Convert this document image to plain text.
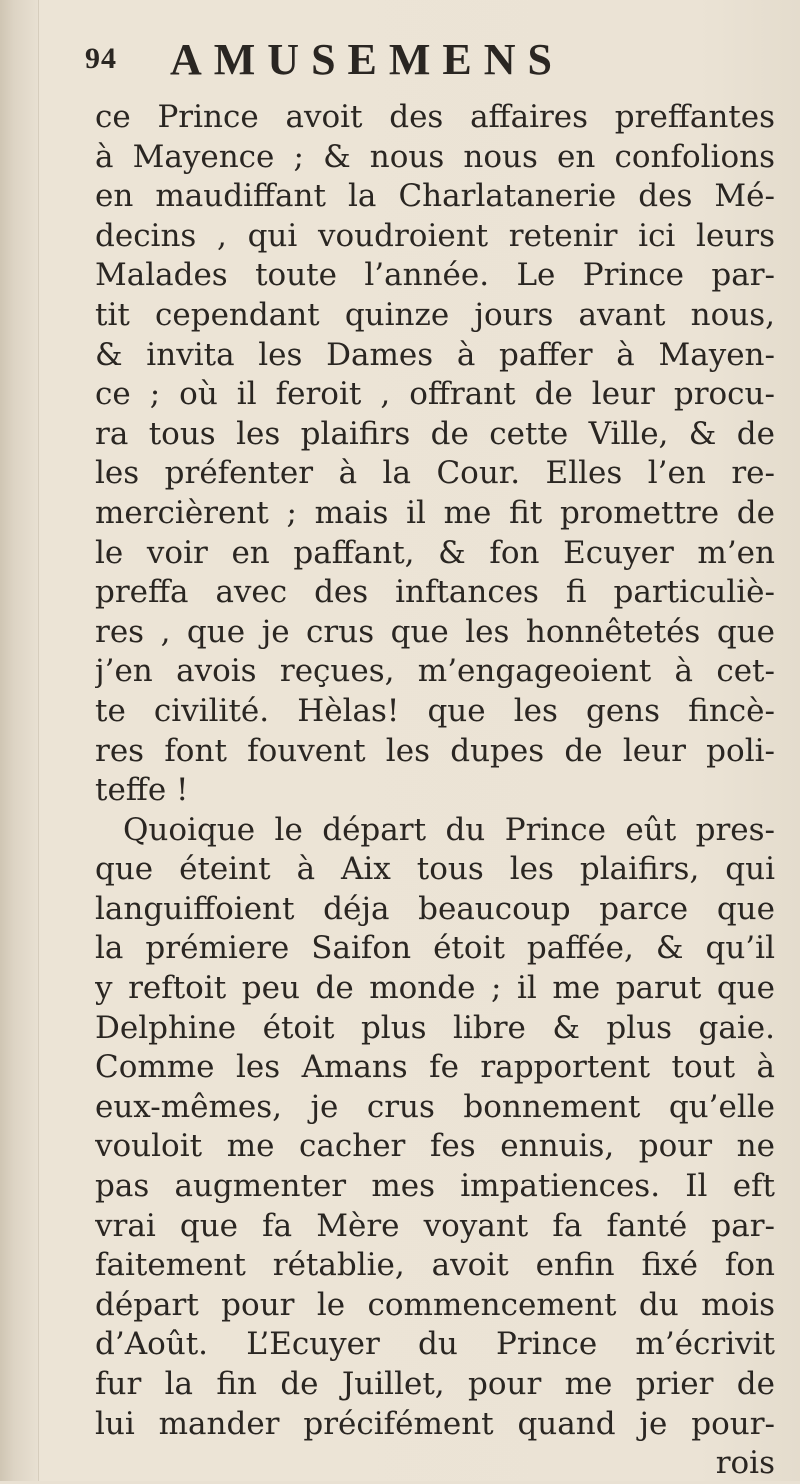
94 AMUSEMENS
ce Prince avoit des affaires preffantes
à Mayence ; & nous nous en confolions
en maudiffant la Charlatanerie des Mé-
decins , qui voudroient retenir ici leurs
Malades toute l’année. Le Prince par-
tit cependant quinze jours avant nous,
& invita les Dames à paffer à Mayen-
ce ; où il feroit , offrant de leur procu-
ra tous les plaifirs de cette Ville, & de
les préfenter à la Cour. Elles l’en re-
mercièrent ; mais il me fit promettre de
le voir en paffant, & fon Ecuyer m’en
preffa avec des inftances fi particuliè-
res , que je crus que les honnêtetés que
j’en avois reçues, m’engageoient à cet-
te civilité. Hèlas! que les gens fincè-
res font fouvent les dupes de leur poli-
teffe !
Quoique le départ du Prince eût pres-
que éteint à Aix tous les plaifirs, qui
languiffoient déja beaucoup parce que
la prémiere Saifon étoit paffée, & qu’il
y reftoit peu de monde ; il me parut que
Delphine étoit plus libre & plus gaie.
Comme les Amans fe rapportent tout à
eux-mêmes, je crus bonnement qu’elle
vouloit me cacher fes ennuis, pour ne
pas augmenter mes impatiences. Il eft
vrai que fa Mère voyant fa fanté par-
faitement rétablie, avoit enfin fixé fon
départ pour le commencement du mois
d’Août. L’Ecuyer du Prince m’écrivit
fur la fin de Juillet, pour me prier de
lui mander précifément quand je pour-
rois
